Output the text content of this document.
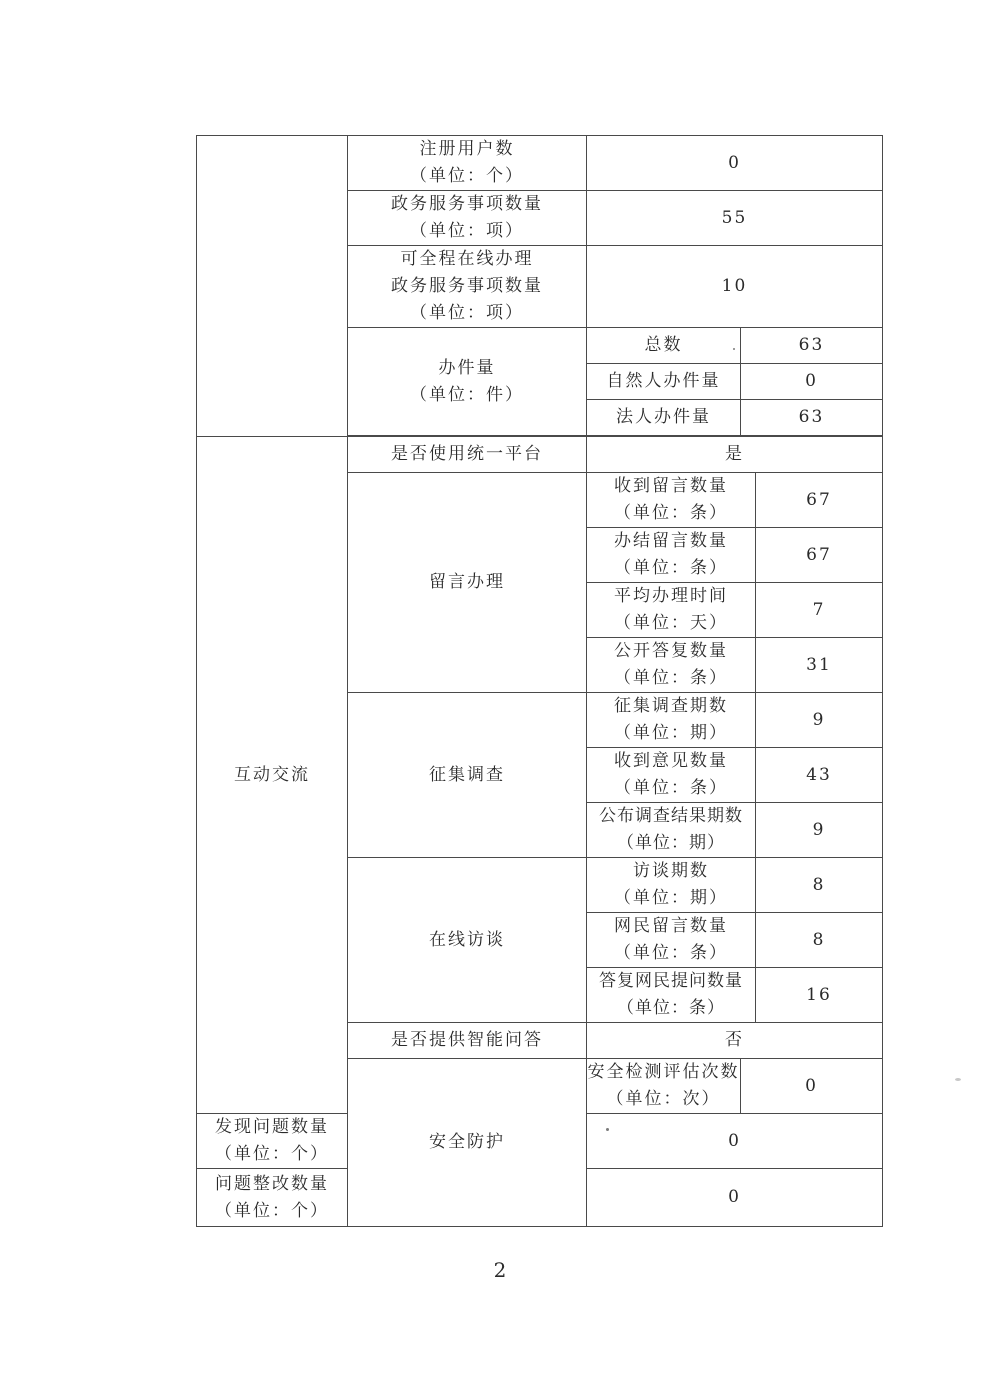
	注册用户数
（单位：个）	0		

	政务服务事项数量
（单位：项）	55		

	可全程在线办理
政务服务事项数量
（单位：项）	10		

	办件量
（单位：件）	总数	63	
		自然人办件量	0	
		法人办件量	63	

互动交流	是否使用统一平台	是		
	留言办理	收到留言数量
（单位：条）		67

		办结留言数量
（单位：条）		67

		平均办理时间
（单位：天）		7

		公开答复数量
（单位：条）		31
	征集调查	征集调查期数
（单位：期）		9

		收到意见数量
（单位：条）		43

		公布调查结果期数
（单位：期）		9
	在线访谈	访谈期数
（单位：期）		8

		网民留言数量
（单位：条）		8

		答复网民提问数量
（单位：条）		16
	是否提供智能问答	否		
	安全防护	安全检测评估次数
（单位：次）	0	

发现问题数量
（单位：个）		0		

问题整改数量
（单位：个）		0		
2
